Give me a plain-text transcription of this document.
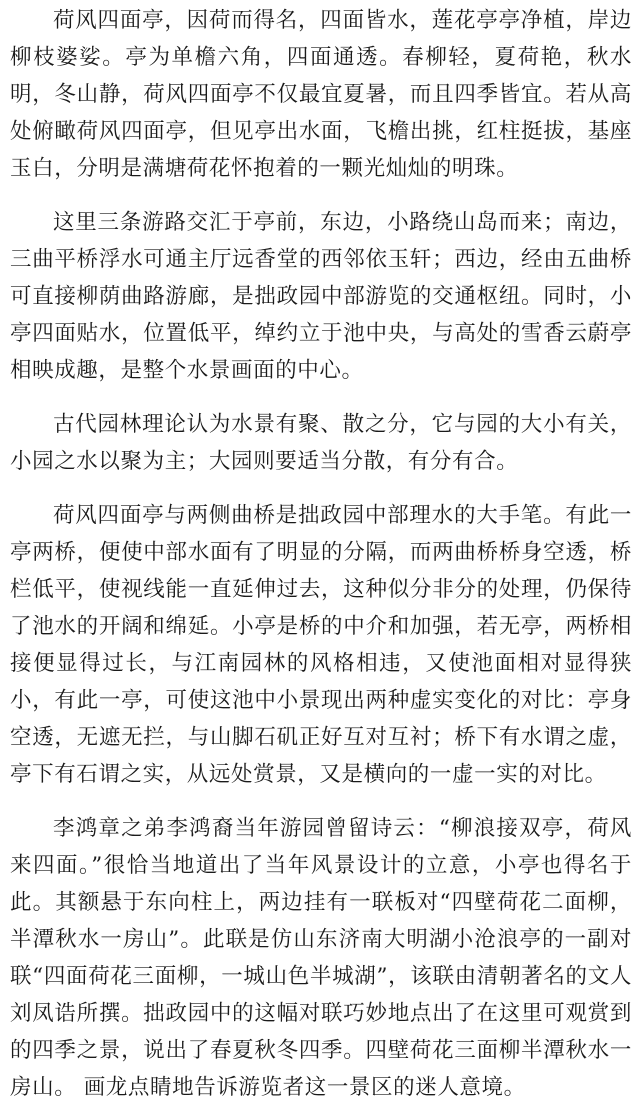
荷风四面亭，因荷而得名，四面皆水，莲花亭亭净植，岸边柳枝婆娑。亭为单檐六角，四面通透。春柳轻，夏荷艳，秋水明，冬山静，荷风四面亭不仅最宜夏暑，而且四季皆宜。若从高处俯瞰荷风四面亭，但见亭出水面，飞檐出挑，红柱挺拔，基座玉白，分明是满塘荷花怀抱着的一颗光灿灿的明珠。

这里三条游路交汇于亭前，东边，小路绕山岛而来；南边，三曲平桥浮水可通主厅远香堂的西邻依玉轩；西边，经由五曲桥可直接柳荫曲路游廊，是拙政园中部游览的交通枢纽。同时，小亭四面贴水，位置低平，绰约立于池中央，与高处的雪香云蔚亭相映成趣，是整个水景画面的中心。

古代园林理论认为水景有聚、散之分，它与园的大小有关，小园之水以聚为主；大园则要适当分散，有分有合。

荷风四面亭与两侧曲桥是拙政园中部理水的大手笔。有此一亭两桥，便使中部水面有了明显的分隔，而两曲桥桥身空透，桥栏低平，使视线能一直延伸过去，这种似分非分的处理，仍保待了池水的开阔和绵延。小亭是桥的中介和加强，若无亭，两桥相接便显得过长，与江南园林的风格相违，又使池面相对显得狭小，有此一亭，可使这池中小景现出两种虚实变化的对比：亭身空透，无遮无拦，与山脚石矶正好互对互衬；桥下有水谓之虚，亭下有石谓之实，从远处赏景，又是横向的一虚一实的对比。

李鸿章之弟李鸿裔当年游园曾留诗云：“柳浪接双亭，荷风来四面。”很恰当地道出了当年风景设计的立意，小亭也得名于此。其额悬于东向柱上，两边挂有一联板对“四壁荷花二面柳，半潭秋水一房山”。此联是仿山东济南大明湖小沧浪亭的一副对联“四面荷花三面柳，一城山色半城湖”，该联由清朝著名的文人刘凤诰所撰。拙政园中的这幅对联巧妙地点出了在这里可观赏到的四季之景，说出了春夏秋冬四季。四壁荷花三面柳半潭秋水一房山。 画龙点睛地告诉游览者这一景区的迷人意境。
